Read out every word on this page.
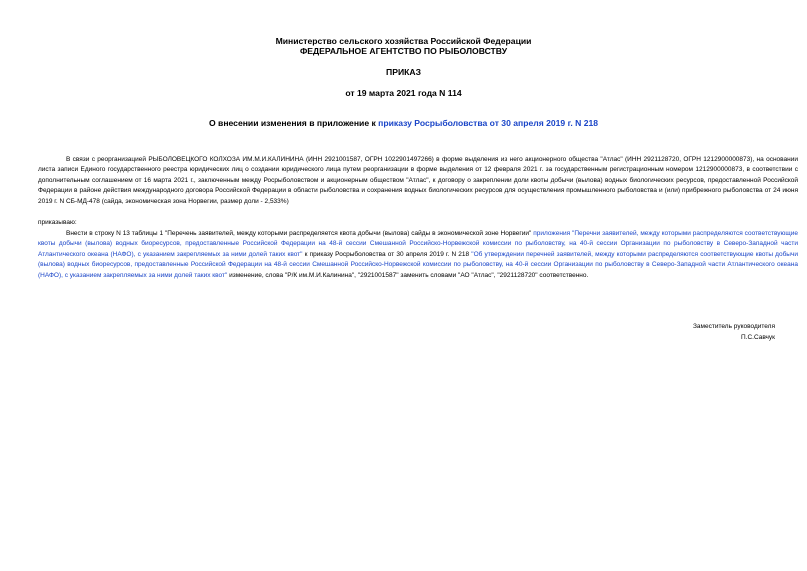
Министерство сельского хозяйства Российской Федерации
ФЕДЕРАЛЬНОЕ АГЕНТСТВО ПО РЫБОЛОВСТВУ
ПРИКАЗ
от 19 марта 2021 года N 114
О внесении изменения в приложение к приказу Росрыболовства от 30 апреля 2019 г. N 218
В связи с реорганизацией РЫБОЛОВЕЦКОГО КОЛХОЗА ИМ.М.И.КАЛИНИНА (ИНН 2921001587, ОГРН 1022901497266) в форме выделения из него акционерного общества "Атлас" (ИНН 2921128720, ОГРН 1212900000873), на основании листа записи Единого государственного реестра юридических лиц о создании юридического лица путем реорганизации в форме выделения от 12 февраля 2021 г. за государственным регистрационным номером 1212900000873, в соответствии с дополнительным соглашением от 16 марта 2021 г., заключенным между Росрыболовством и акционерным обществом "Атлас", к договору о закреплении доли квоты добычи (вылова) водных биологических ресурсов, предоставленной Российской Федерации в районе действия международного договора Российской Федерации в области рыболовства и сохранения водных биологических ресурсов для осуществления промышленного рыболовства и (или) прибрежного рыболовства от 24 июня 2019 г. N СБ-МД-478 (сайда, экономическая зона Норвегии, размер доли - 2,533%)
приказываю:
Внести в строку N 13 таблицы 1 "Перечень заявителей, между которыми распределяется квота добычи (вылова) сайды в экономической зоне Норвегии" приложения "Перечни заявителей, между которыми распределяются соответствующие квоты добычи (вылова) водных биоресурсов, предоставленные Российской Федерации на 48-й сессии Смешанной Российско-Норвежской комиссии по рыболовству, на 40-й сессии Организации по рыболовству в Северо-Западной части Атлантического океана (НАФО), с указанием закрепляемых за ними долей таких квот" к приказу Росрыболовства от 30 апреля 2019 г. N 218 "Об утверждении перечней заявителей, между которыми распределяются соответствующие квоты добычи (вылова) водных биоресурсов, предоставленные Российской Федерации на 48-й сессии Смешанной Российско-Норвежской комиссии по рыболовству, на 40-й сессии Организации по рыболовству в Северо-Западной части Атлантического океана (НАФО), с указанием закрепляемых за ними долей таких квот" изменение, слова "Р/К им.М.И.Калинина", "2921001587" заменить словами "АО "Атлас", "2921128720" соответственно.
Заместитель руководителя
П.С.Савчук
